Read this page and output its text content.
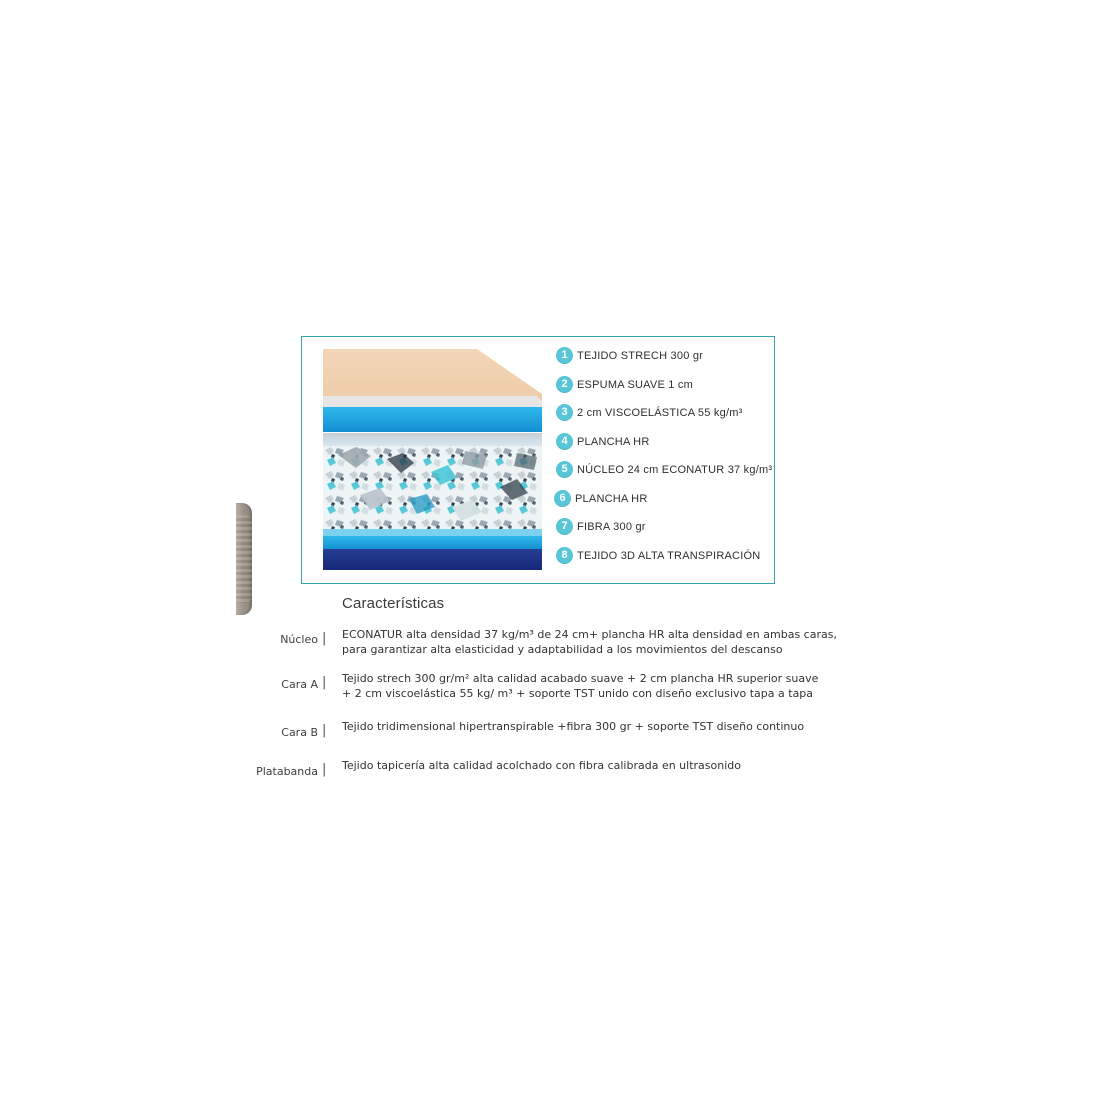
1 TEJIDO STRECH 300 gr
2 ESPUMA SUAVE 1 cm
3 2 cm VISCOELÁSTICA 55 kg/m³
4 PLANCHA HR
5 NÚCLEO 24 cm ECONATUR 37 kg/m³
6 PLANCHA HR
7 FIBRA 300 gr
8 TEJIDO 3D ALTA TRANSPIRACIÓN
Características
Núcleo | ECONATUR alta densidad 37 kg/m³ de 24 cm+ plancha HR alta densidad en ambas caras,
para garantizar alta elasticidad y adaptabilidad a los movimientos del descanso

Cara A | Tejido strech 300 gr/m² alta calidad acabado suave + 2 cm plancha HR superior suave
+ 2 cm viscoelástica 55 kg/ m³ + soporte TST unido con diseño exclusivo tapa a tapa

Cara B | Tejido tridimensional hipertranspirable +fibra 300 gr + soporte TST diseño continuo

Platabanda | Tejido tapicería alta calidad acolchado con fibra calibrada en ultrasonido
